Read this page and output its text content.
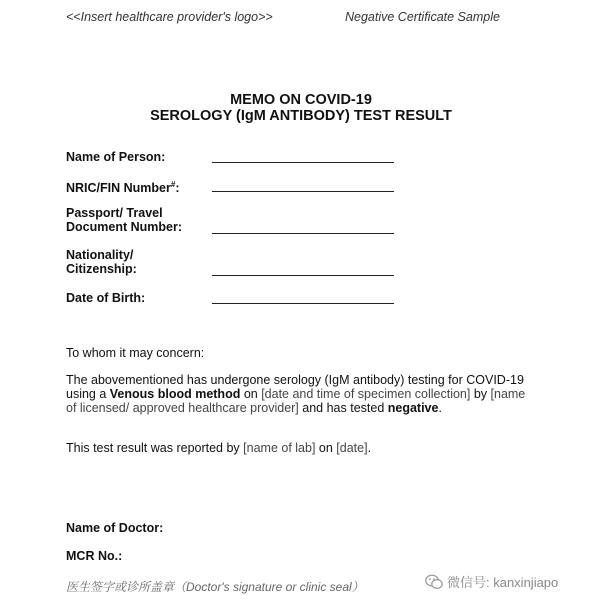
<<Insert healthcare provider's logo>>	Negative Certificate Sample
MEMO ON COVID-19
SEROLOGY (IgM ANTIBODY) TEST RESULT
Name of Person:
NRIC/FIN Number#:
Passport/ Travel
Document Number:
Nationality/
Citizenship:
Date of Birth:
To whom it may concern:
The abovementioned has undergone serology (IgM antibody) testing for COVID-19
using a Venous blood method on [date and time of specimen collection] by [name
of licensed/ approved healthcare provider] and has tested negative.
This test result was reported by [name of lab] on [date].
Name of Doctor:
MCR No.:
医生签字或诊所盖章（Doctor's signature or clinic seal）	微信号: kanxinjiapo
